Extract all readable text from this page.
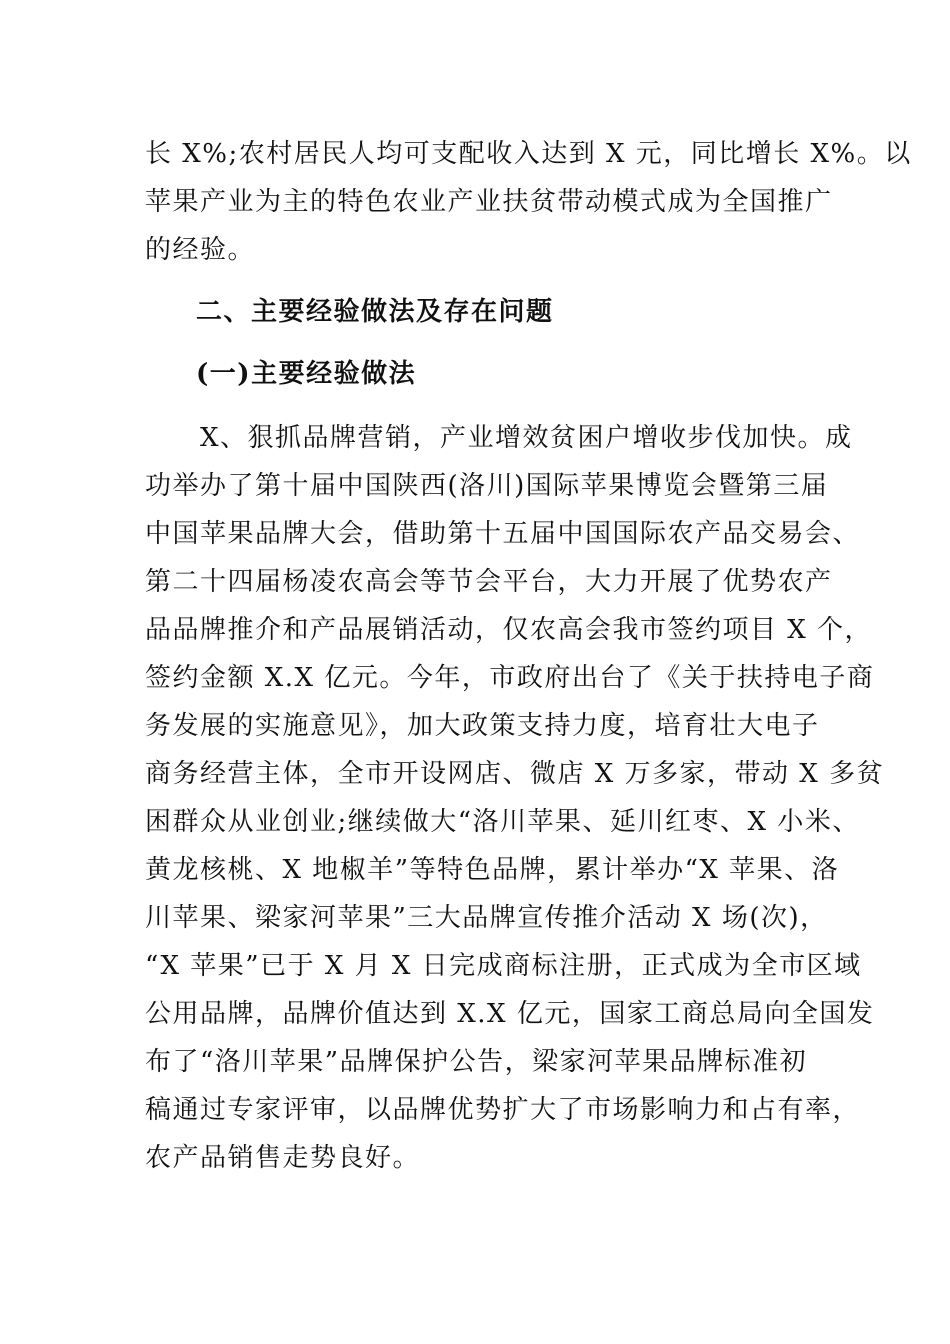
长 X%;农村居民人均可支配收入达到 X 元，同比增长 X%。以
苹果产业为主的特色农业产业扶贫带动模式成为全国推广
的经验。
二、主要经验做法及存在问题
(一)主要经验做法
　　X、狠抓品牌营销，产业增效贫困户增收步伐加快。成
功举办了第十届中国陕西(洛川)国际苹果博览会暨第三届
中国苹果品牌大会，借助第十五届中国国际农产品交易会、
第二十四届杨凌农高会等节会平台，大力开展了优势农产
品品牌推介和产品展销活动，仅农高会我市签约项目 X 个，
签约金额 X.X 亿元。今年，市政府出台了《关于扶持电子商
务发展的实施意见》，加大政策支持力度，培育壮大电子
商务经营主体，全市开设网店、微店 X 万多家，带动 X 多贫
困群众从业创业;继续做大“洛川苹果、延川红枣、X 小米、
黄龙核桃、X 地椒羊”等特色品牌，累计举办“X 苹果、洛
川苹果、梁家河苹果”三大品牌宣传推介活动 X 场(次)，
“X 苹果”已于 X 月 X 日完成商标注册，正式成为全市区域
公用品牌，品牌价值达到 X.X 亿元，国家工商总局向全国发
布了“洛川苹果”品牌保护公告，梁家河苹果品牌标准初
稿通过专家评审，以品牌优势扩大了市场影响力和占有率，
农产品销售走势良好。
